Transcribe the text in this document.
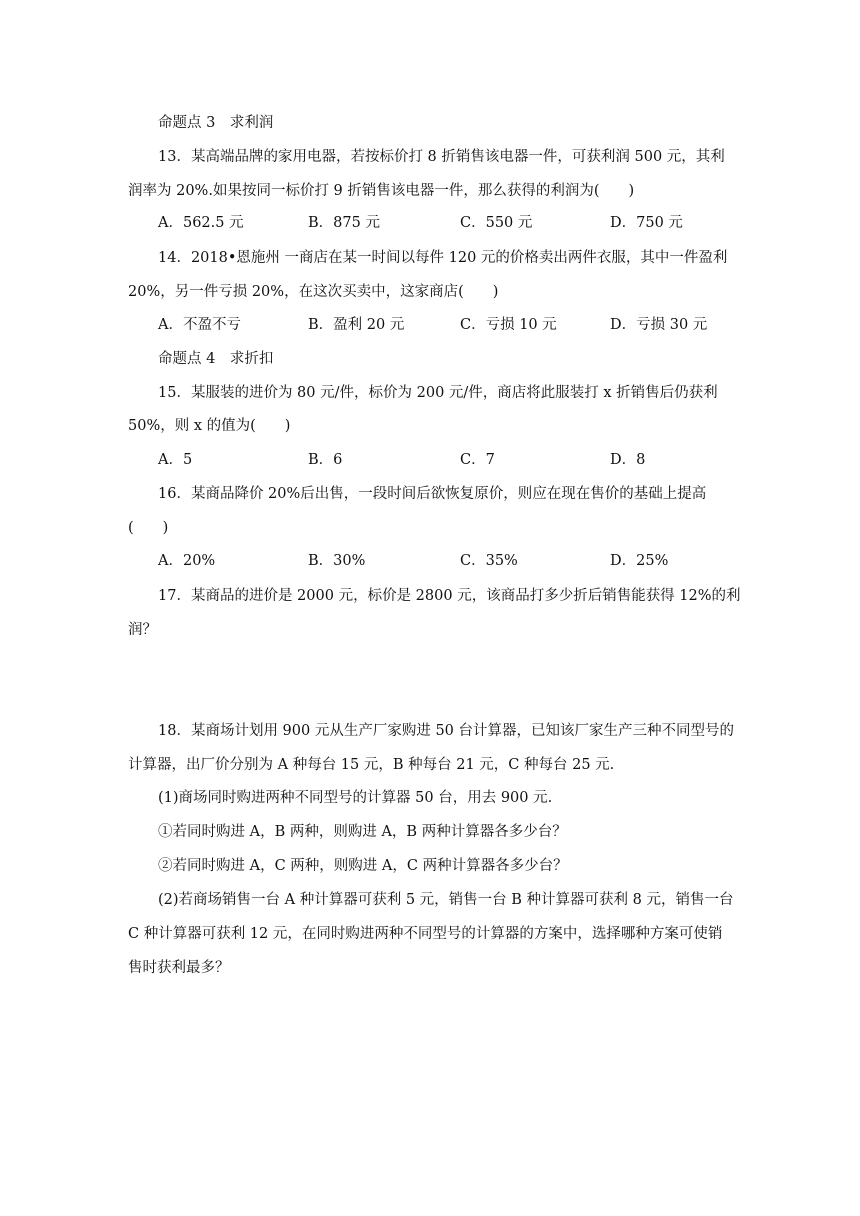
命题点 3　求利润
13．某高端品牌的家用电器，若按标价打 8 折销售该电器一件，可获利润 500 元，其利
润率为 20%.如果按同一标价打 9 折销售该电器一件，那么获得的利润为(　　)
A．562.5 元	B．875 元	C．550 元	D．750 元
14．2018•恩施州 一商店在某一时间以每件 120 元的价格卖出两件衣服，其中一件盈利
20%，另一件亏损 20%，在这次买卖中，这家商店(　　)
A．不盈不亏	B．盈利 20 元	C．亏损 10 元	D．亏损 30 元
命题点 4　求折扣
15．某服装的进价为 80 元/件，标价为 200 元/件，商店将此服装打 x 折销售后仍获利
50%，则 x 的值为(　　)
A．5	B．6	C．7	D．8
16．某商品降价 20%后出售，一段时间后欲恢复原价，则应在现在售价的基础上提高
(　　)
A．20%	B．30%	C．35%	D．25%
17．某商品的进价是 2000 元，标价是 2800 元，该商品打多少折后销售能获得 12%的利
润？
18．某商场计划用 900 元从生产厂家购进 50 台计算器，已知该厂家生产三种不同型号的
计算器，出厂价分别为 A 种每台 15 元，B 种每台 21 元，C 种每台 25 元.
(1)商场同时购进两种不同型号的计算器 50 台，用去 900 元.
①若同时购进 A，B 两种，则购进 A，B 两种计算器各多少台？
②若同时购进 A，C 两种，则购进 A，C 两种计算器各多少台？
(2)若商场销售一台 A 种计算器可获利 5 元，销售一台 B 种计算器可获利 8 元，销售一台
C 种计算器可获利 12 元，在同时购进两种不同型号的计算器的方案中，选择哪种方案可使销
售时获利最多？
